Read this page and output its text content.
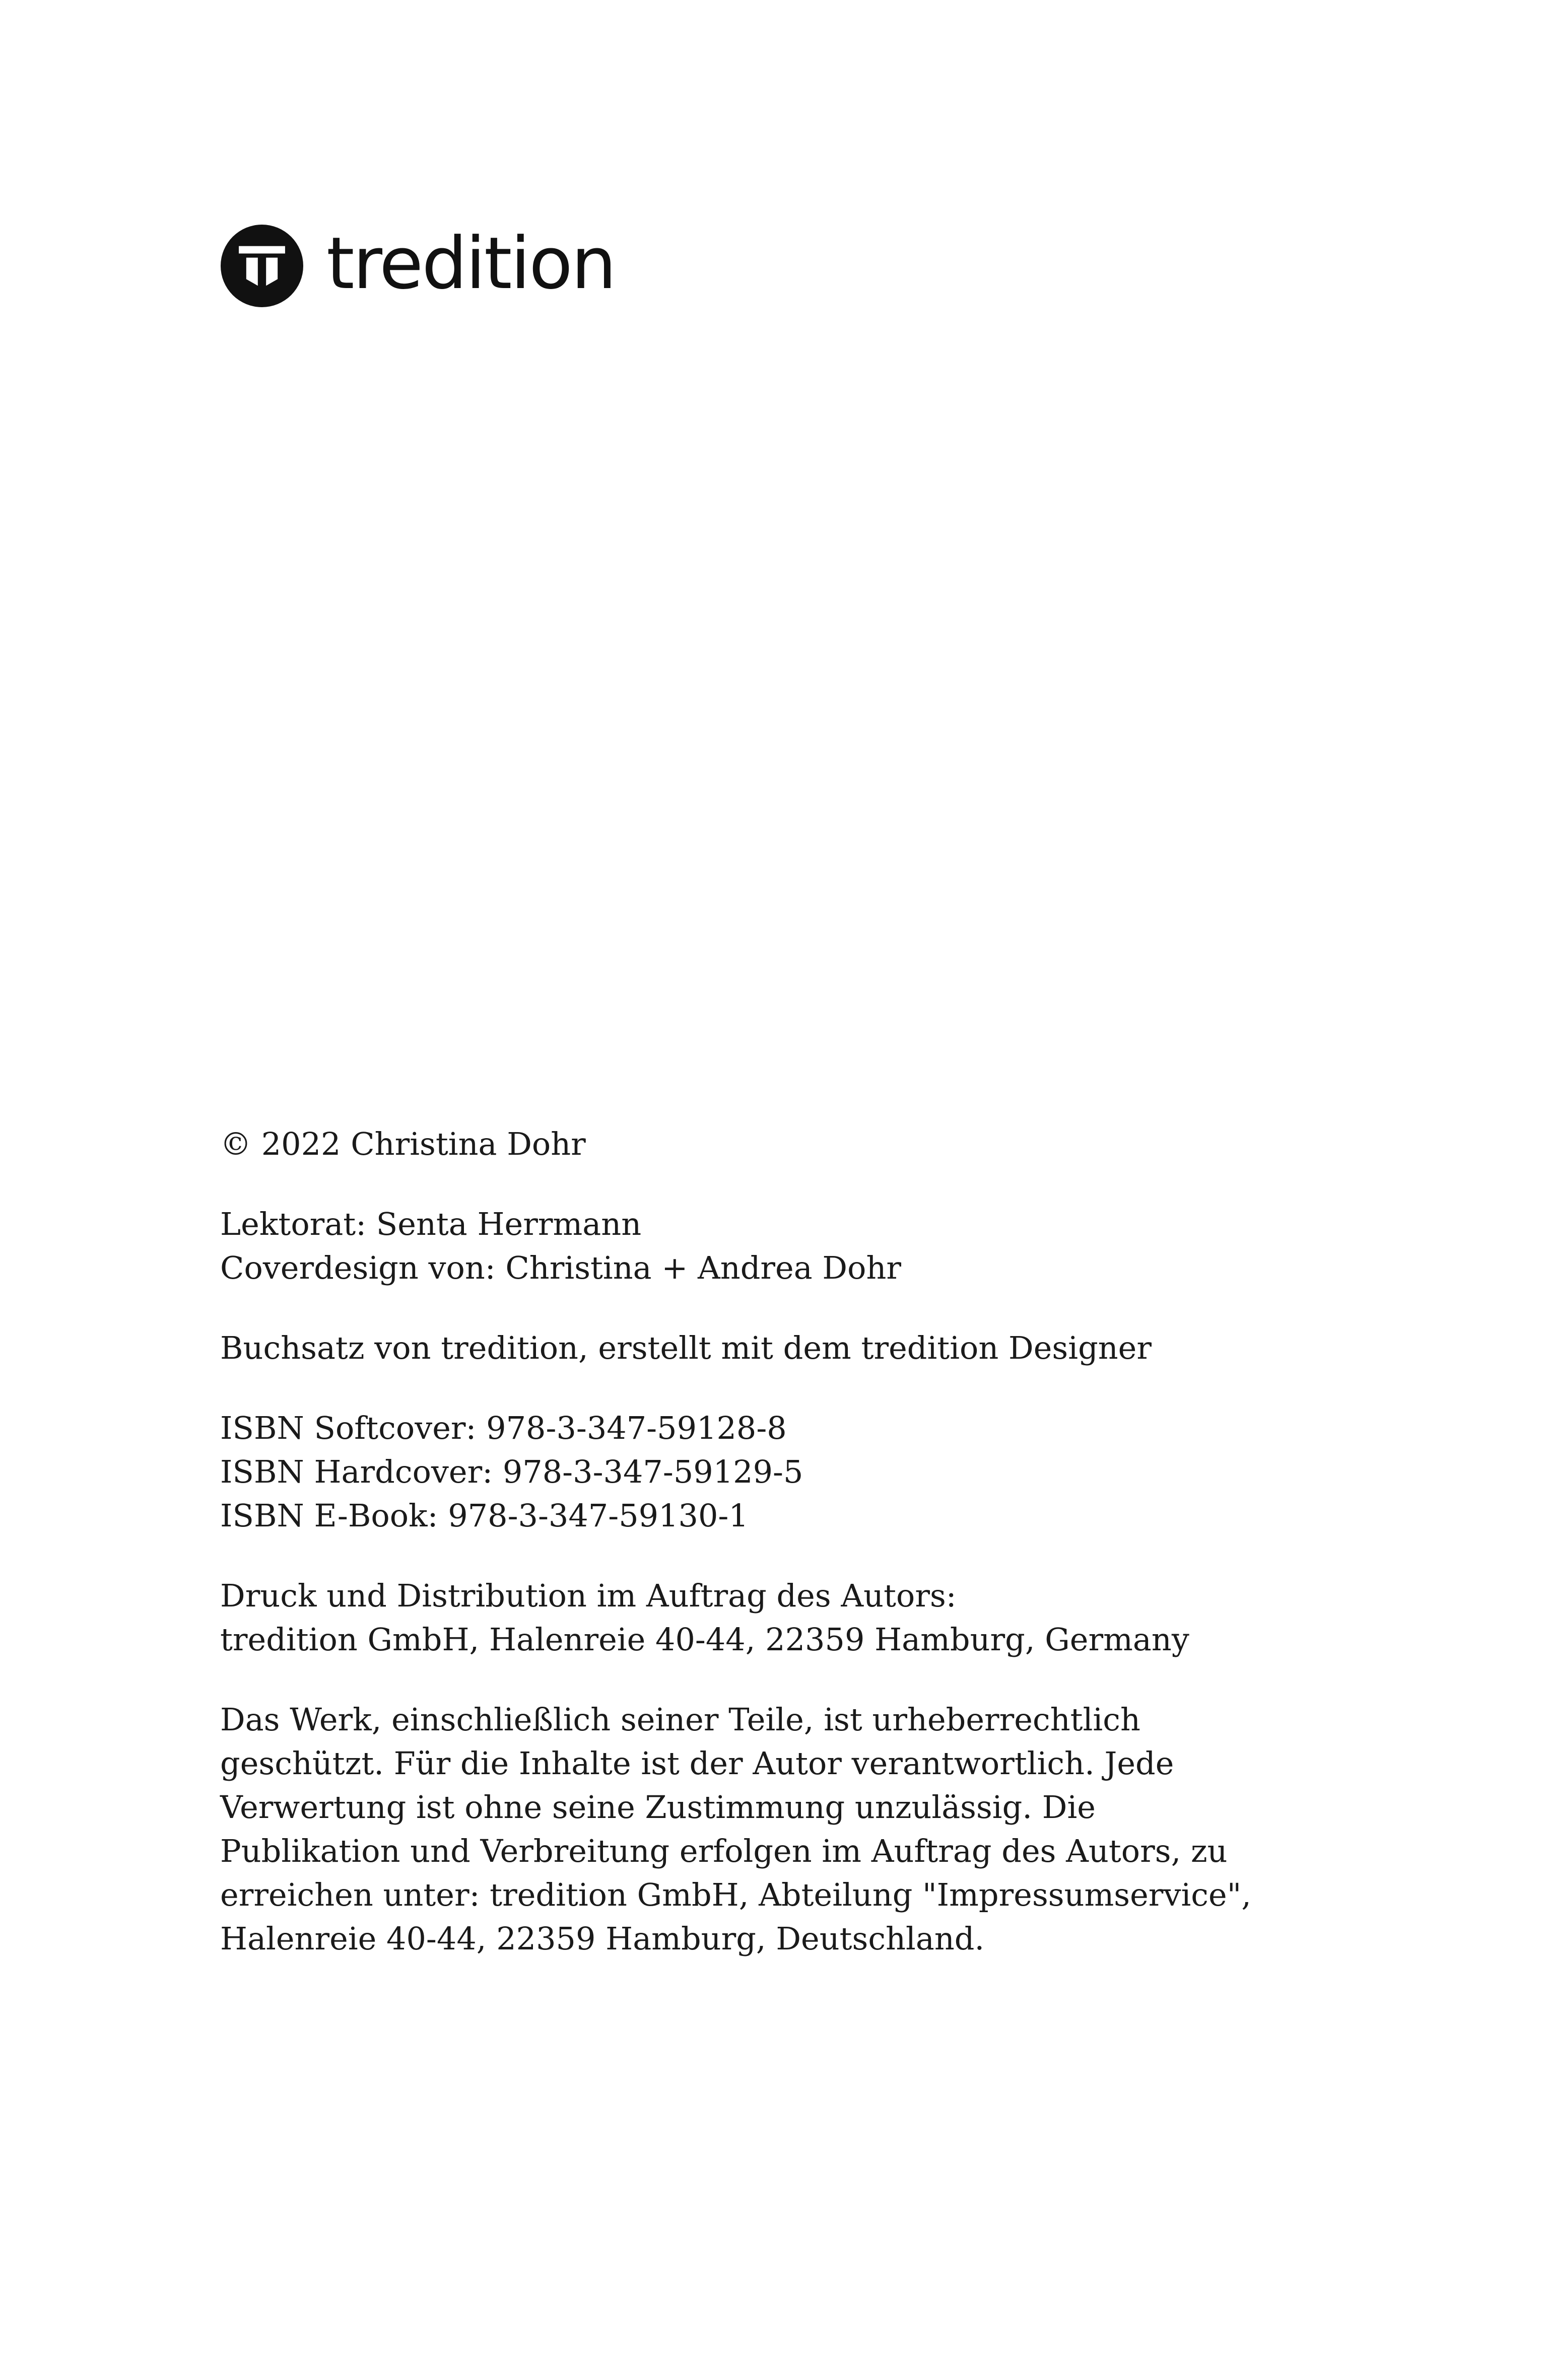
tredition
© 2022 Christina Dohr
Lektorat: Senta Herrmann
Coverdesign von: Christina + Andrea Dohr
Buchsatz von tredition, erstellt mit dem tredition Designer
ISBN Softcover: 978-3-347-59128-8
ISBN Hardcover: 978-3-347-59129-5
ISBN E-Book: 978-3-347-59130-1
Druck und Distribution im Auftrag des Autors:
tredition GmbH, Halenreie 40-44, 22359 Hamburg, Germany
Das Werk, einschließlich seiner Teile, ist urheberrechtlich
geschützt. Für die Inhalte ist der Autor verantwortlich. Jede
Verwertung ist ohne seine Zustimmung unzulässig. Die
Publikation und Verbreitung erfolgen im Auftrag des Autors, zu
erreichen unter: tredition GmbH, Abteilung "Impressumservice",
Halenreie 40-44, 22359 Hamburg, Deutschland.
